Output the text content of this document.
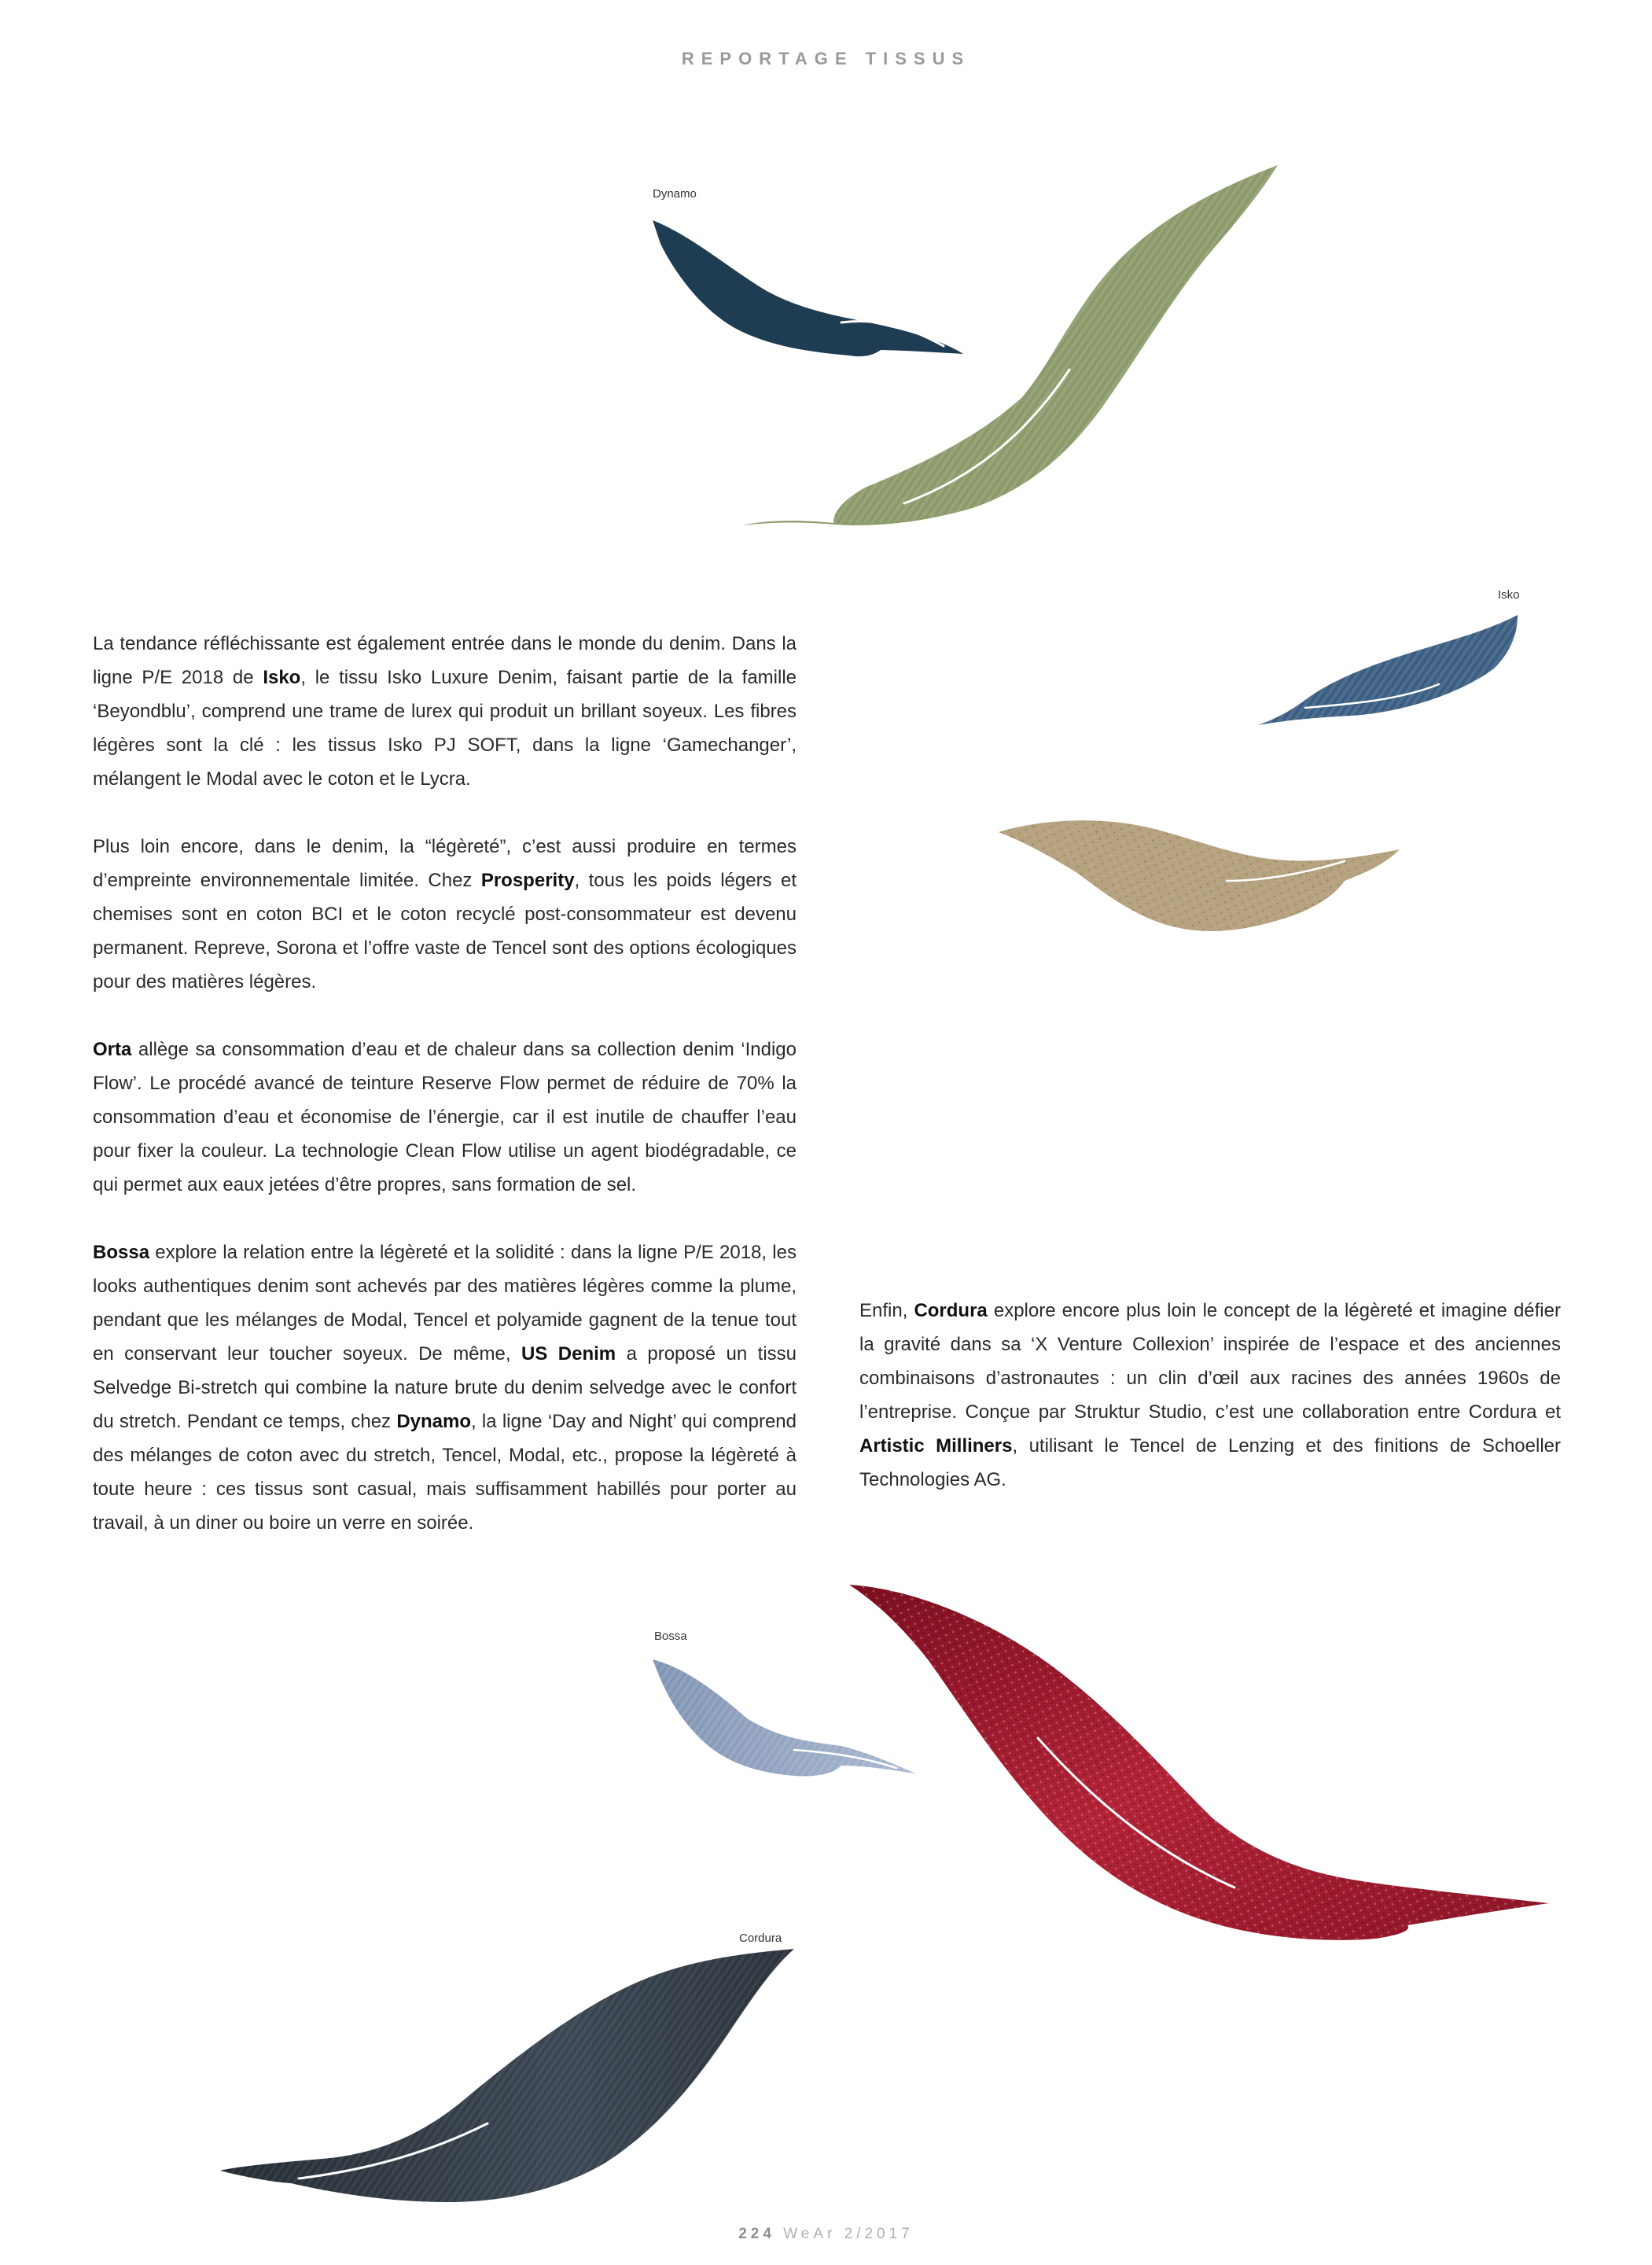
REPORTAGE TISSUS
Dynamo
Isko
Bossa
Cordura

La tendance réfléchissante est également entrée dans le monde du denim. Dans la ligne P/E 2018 de Isko, le tissu Isko Luxure Denim, faisant partie de la famille ‘Beyondblu’, comprend une trame de lurex qui produit un brillant soyeux. Les fibres légères sont la clé : les tissus Isko PJ SOFT, dans la ligne ‘Gamechanger’, mélangent le Modal avec le coton et le Lycra.

Plus loin encore, dans le denim, la “légèreté”, c’est aussi produire en termes d’empreinte environnementale limitée. Chez Prosperity, tous les poids légers et chemises sont en coton BCI et le coton recyclé post-consommateur est devenu permanent. Repreve, Sorona et l’offre vaste de Tencel sont des options écologiques pour des matières légères.

Orta allège sa consommation d’eau et de chaleur dans sa collection denim ‘Indigo Flow’. Le procédé avancé de teinture Reserve Flow permet de réduire de 70% la consommation d’eau et économise de l’énergie, car il est inutile de chauffer l’eau pour fixer la couleur. La technologie Clean Flow utilise un agent biodégradable, ce qui permet aux eaux jetées d’être propres, sans formation de sel.

Bossa explore la relation entre la légèreté et la solidité : dans la ligne P/E 2018, les looks authentiques denim sont achevés par des matières légères comme la plume, pendant que les mélanges de Modal, Tencel et polyamide gagnent de la tenue tout en conservant leur toucher soyeux. De même, US Denim a proposé un tissu Selvedge Bi-stretch qui combine la nature brute du denim selvedge avec le confort du stretch. Pendant ce temps, chez Dynamo, la ligne ‘Day and Night’ qui comprend des mélanges de coton avec du stretch, Tencel, Modal, etc., propose la légèreté à toute heure : ces tissus sont casual, mais suffisamment habillés pour porter au travail, à un diner ou boire un verre en soirée.

Enfin, Cordura explore encore plus loin le concept de la légèreté et imagine défier la gravité dans sa ‘X Venture Collexion’ inspirée de l’espace et des anciennes combinaisons d’astronautes : un clin d’œil aux racines des années 1960s de l’entreprise. Conçue par Struktur Studio, c’est une collaboration entre Cordura et Artistic Milliners, utilisant le Tencel de Lenzing et des finitions de Schoeller Technologies AG.

224 WeAr 2/2017
